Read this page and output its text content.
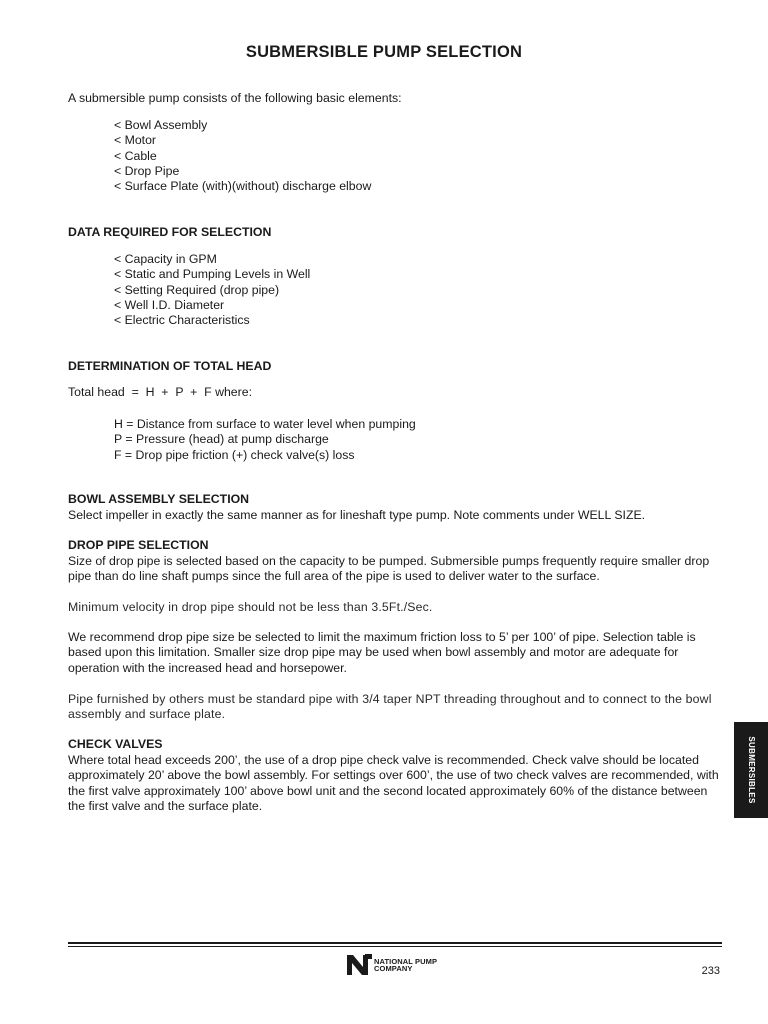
SUBMERSIBLE PUMP SELECTION

A submersible pump consists of the following basic elements:

< Bowl Assembly
< Motor
< Cable
< Drop Pipe
< Surface Plate (with)(without) discharge elbow
DATA REQUIRED FOR SELECTION
< Capacity in GPM
< Static and Pumping Levels in Well
< Setting Required (drop pipe)
< Well I.D. Diameter
< Electric Characteristics
DETERMINATION OF TOTAL HEAD

Total head  =  H  +  P  +  F where:

H = Distance from surface to water level when pumping
P = Pressure (head) at pump discharge
F = Drop pipe friction (+) check valve(s) loss
BOWL ASSEMBLY SELECTION

Select impeller in exactly the same manner as for lineshaft type pump. Note comments under WELL SIZE.

DROP PIPE SELECTION

Size of drop pipe is selected based on the capacity to be pumped. Submersible pumps frequently require smaller drop pipe than do line shaft pumps since the full area of the pipe is used to deliver water to the surface.

Minimum velocity in drop pipe should not be less than 3.5Ft./Sec.

We recommend drop pipe size be selected to limit the maximum friction loss to 5’ per 100’ of pipe. Selection table is based upon this limitation. Smaller size drop pipe may be used when bowl assembly and motor are adequate for operation with the increased head and horsepower.

Pipe furnished by others must be standard pipe with 3/4 taper NPT threading throughout and to connect to the bowl assembly and surface plate.

CHECK VALVES

Where total head exceeds 200’, the use of a drop pipe check valve is recommended. Check valve should be located approximately 20’ above the bowl assembly. For settings over 600’, the use of two check valves are recommended, with the first valve approximately 100’ above bowl unit and the second located approximately 60% of the distance between the first valve and the surface plate.

SUBMERSIBLES
NATIONAL PUMP
COMPANY	233
